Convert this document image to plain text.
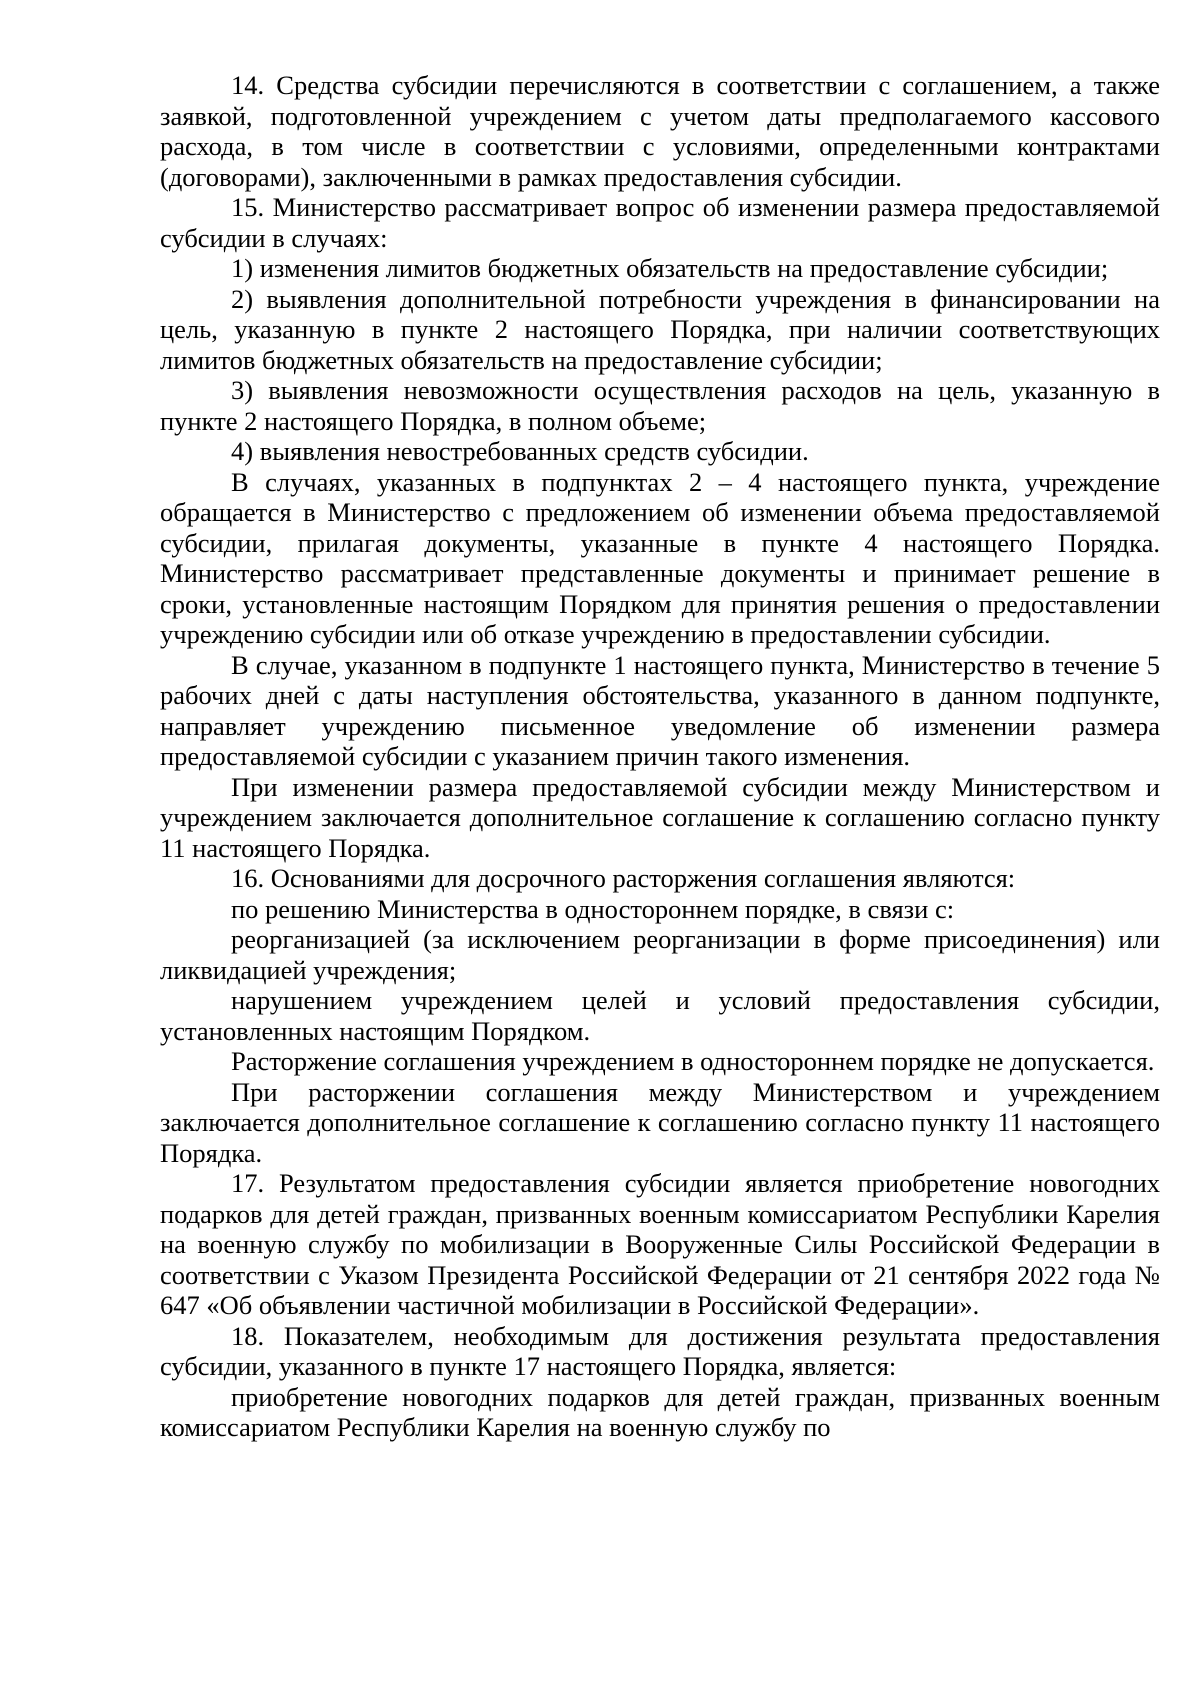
14. Средства субсидии перечисляются в соответствии с соглашением, а также заявкой, подготовленной учреждением с учетом даты предполагаемого кассового расхода, в том числе в соответствии с условиями, определенными контрактами (договорами), заключенными в рамках предоставления субсидии.

15. Министерство рассматривает вопрос об изменении размера предоставляемой субсидии в случаях:

1) изменения лимитов бюджетных обязательств на предоставление субсидии;

2) выявления дополнительной потребности учреждения в финансировании на цель, указанную в пункте 2 настоящего Порядка, при наличии соответствующих лимитов бюджетных обязательств на предоставление субсидии;

3) выявления невозможности осуществления расходов на цель, указанную в пункте 2 настоящего Порядка, в полном объеме;

4) выявления невостребованных средств субсидии.

В случаях, указанных в подпунктах 2 – 4 настоящего пункта, учреждение обращается в Министерство с предложением об изменении объема предоставляемой субсидии, прилагая документы, указанные в пункте 4 настоящего Порядка. Министерство рассматривает представленные документы и принимает решение в сроки, установленные настоящим Порядком для принятия решения о предоставлении учреждению субсидии или об отказе учреждению в предоставлении субсидии.

В случае, указанном в подпункте 1 настоящего пункта, Министерство в течение 5 рабочих дней с даты наступления обстоятельства, указанного в данном подпункте, направляет учреждению письменное уведомление об изменении размера предоставляемой субсидии с указанием причин такого изменения.

При изменении размера предоставляемой субсидии между Министерством и учреждением заключается дополнительное соглашение к соглашению согласно пункту 11 настоящего Порядка.

16. Основаниями для досрочного расторжения соглашения являются:

по решению Министерства в одностороннем порядке, в связи с:

реорганизацией (за исключением реорганизации в форме присоединения) или ликвидацией учреждения;

нарушением учреждением целей и условий предоставления субсидии, установленных настоящим Порядком.

Расторжение соглашения учреждением в одностороннем порядке не допускается.

При расторжении соглашения между Министерством и учреждением заключается дополнительное соглашение к соглашению согласно пункту 11 настоящего Порядка.

17. Результатом предоставления субсидии является приобретение новогодних подарков для детей граждан, призванных военным комиссариатом Республики Карелия на военную службу по мобилизации в Вооруженные Силы Российской Федерации в соответствии с Указом Президента Российской Федерации от 21 сентября 2022 года № 647 «Об объявлении частичной мобилизации в Российской Федерации».

18. Показателем, необходимым для достижения результата предоставления субсидии, указанного в пункте 17 настоящего Порядка, является:

приобретение новогодних подарков для детей граждан, призванных военным комиссариатом Республики Карелия на военную службу по
